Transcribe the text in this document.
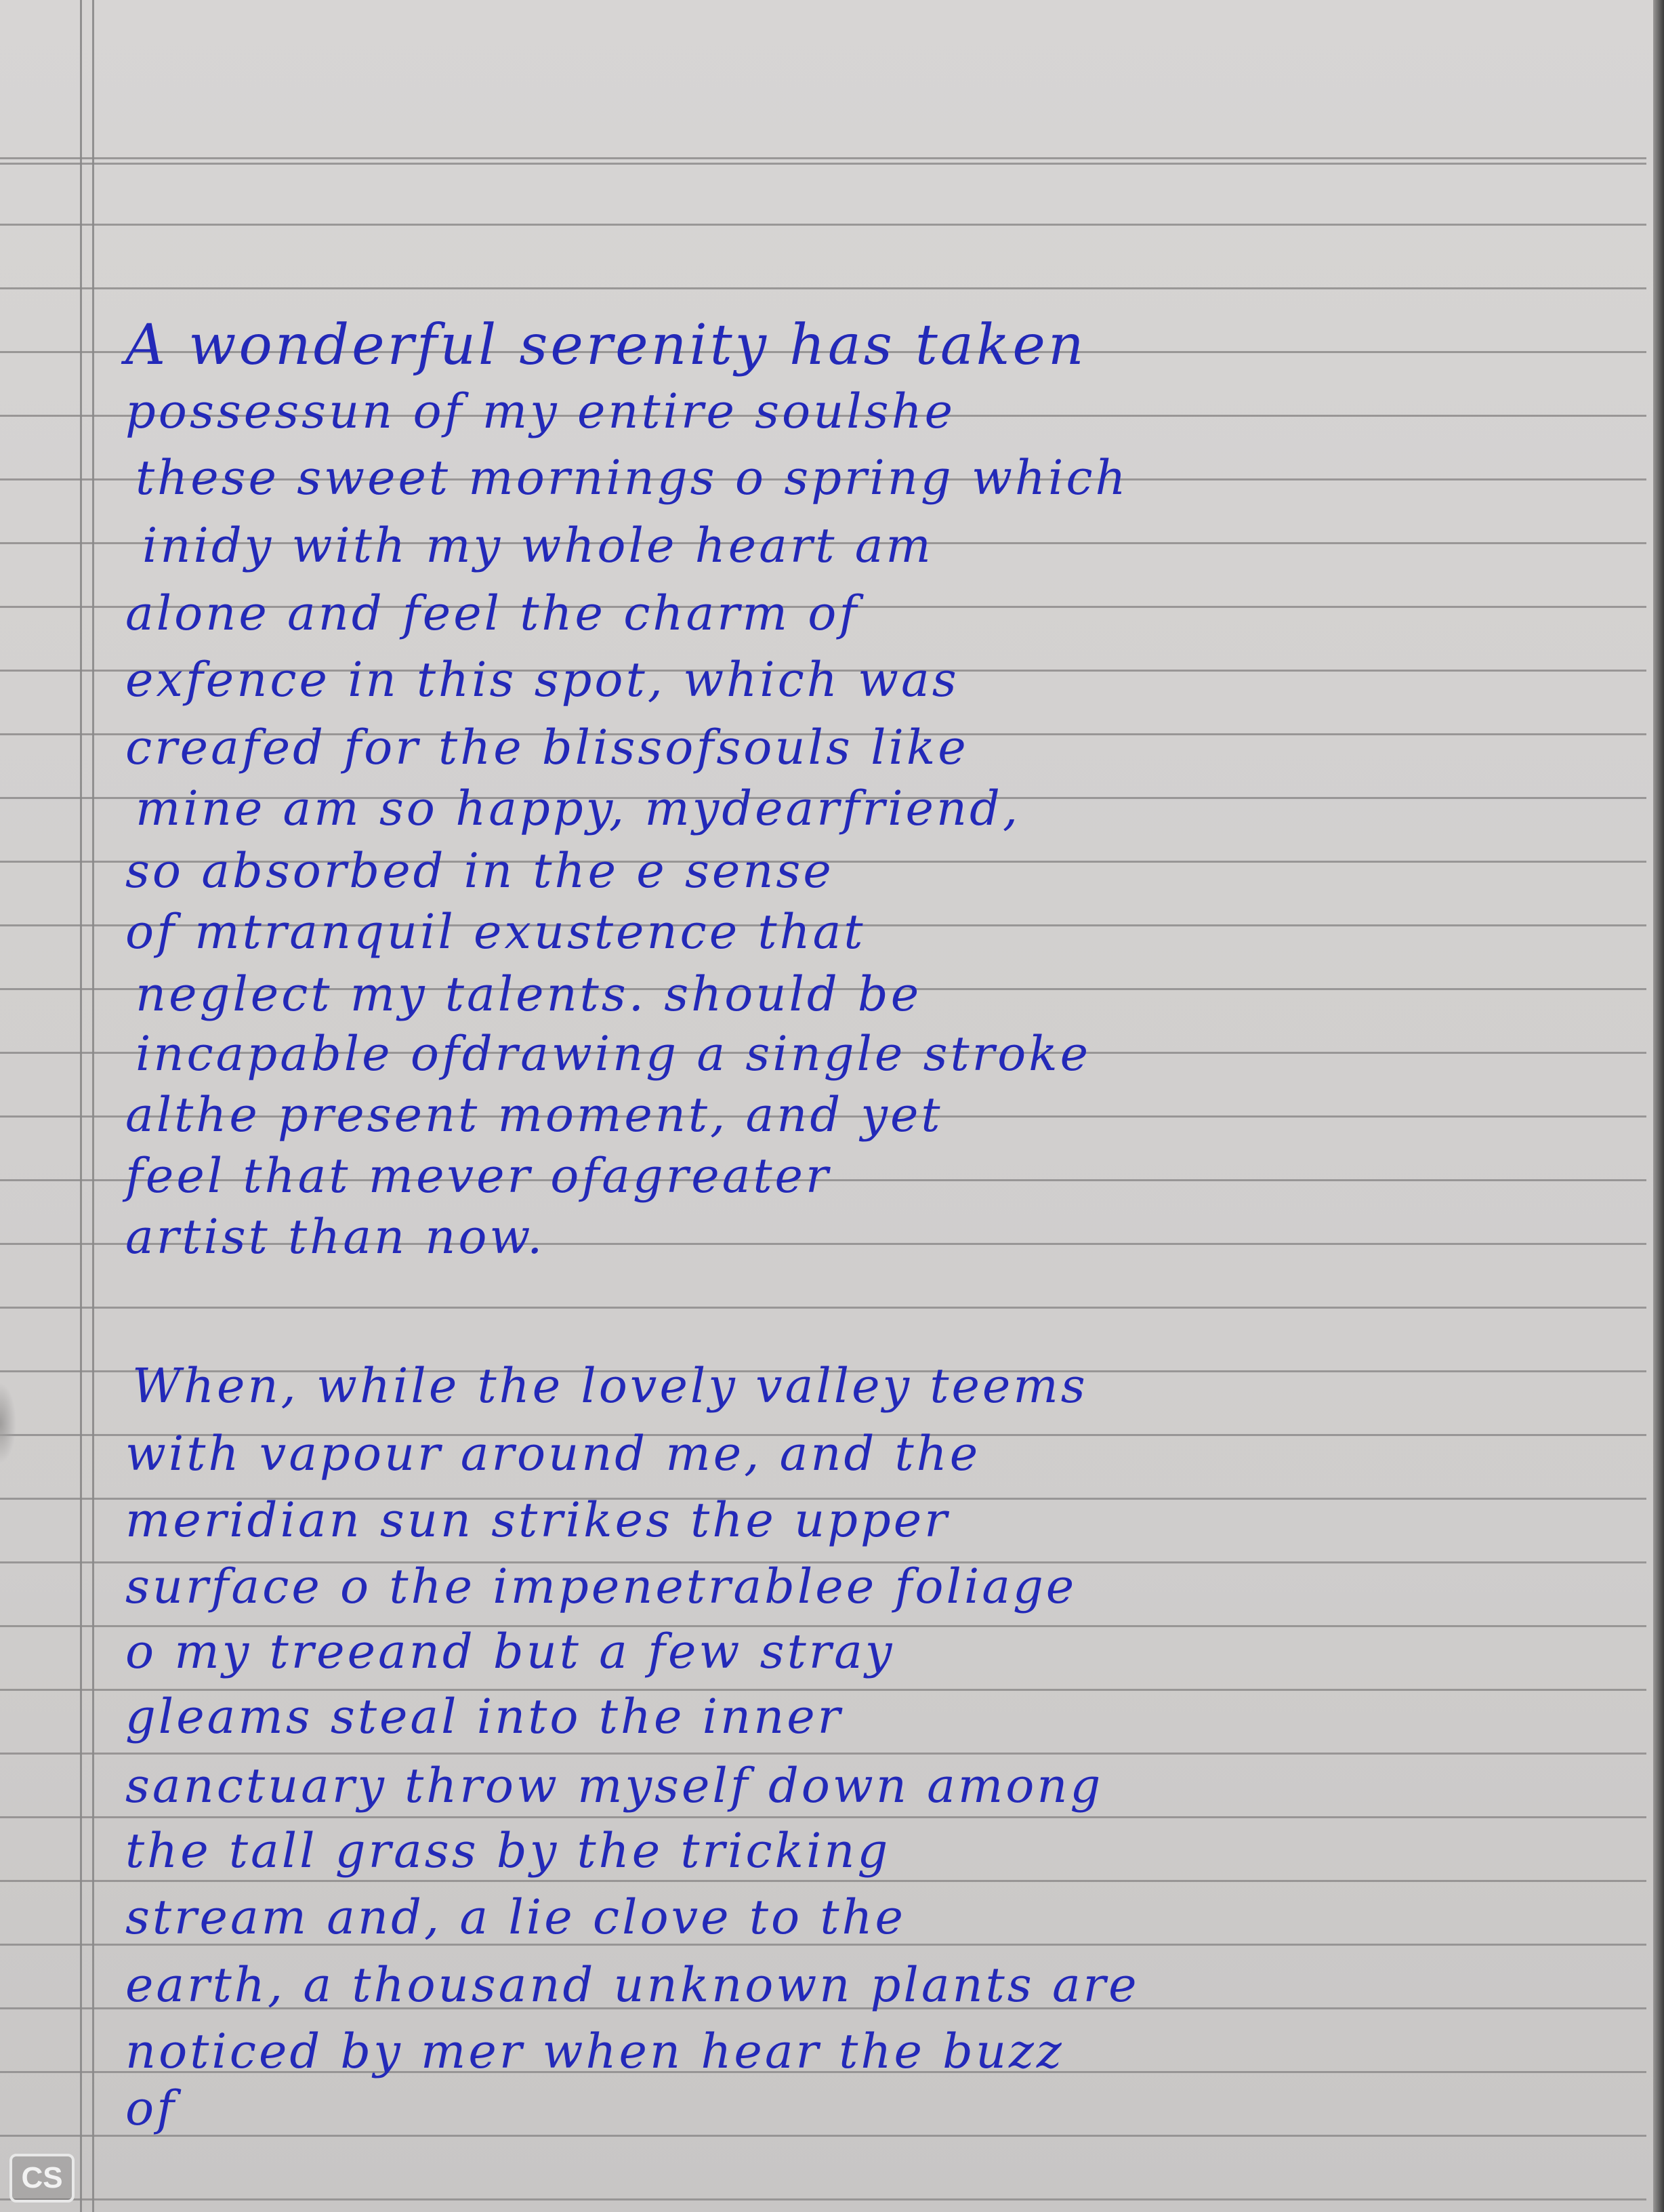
A wonderful serenity has taken
possessun of my entire soulshe
these sweet mornings o spring which
inidy with my whole heart am
alone and feel the charm of
exfence in this spot, which was
creafed for the blissofsouls like
mine am so happy, mydearfriend,
so absorbed in the e sense
of mtranquil exustence that
neglect my talents. should be
incapable ofdrawing a single stroke
althe present moment, and yet
feel that mever ofagreater
artist than now.
When, while the lovely valley teems
with vapour around me, and the
meridian sun strikes the upper
surface o the impenetrablee foliage
o my treeand but a few stray
gleams steal into the inner
sanctuary throw myself down among
the tall grass by the tricking
stream and, a lie clove to the
earth, a thousand unknown plants are
noticed by mer when hear the buzz
of
CS
